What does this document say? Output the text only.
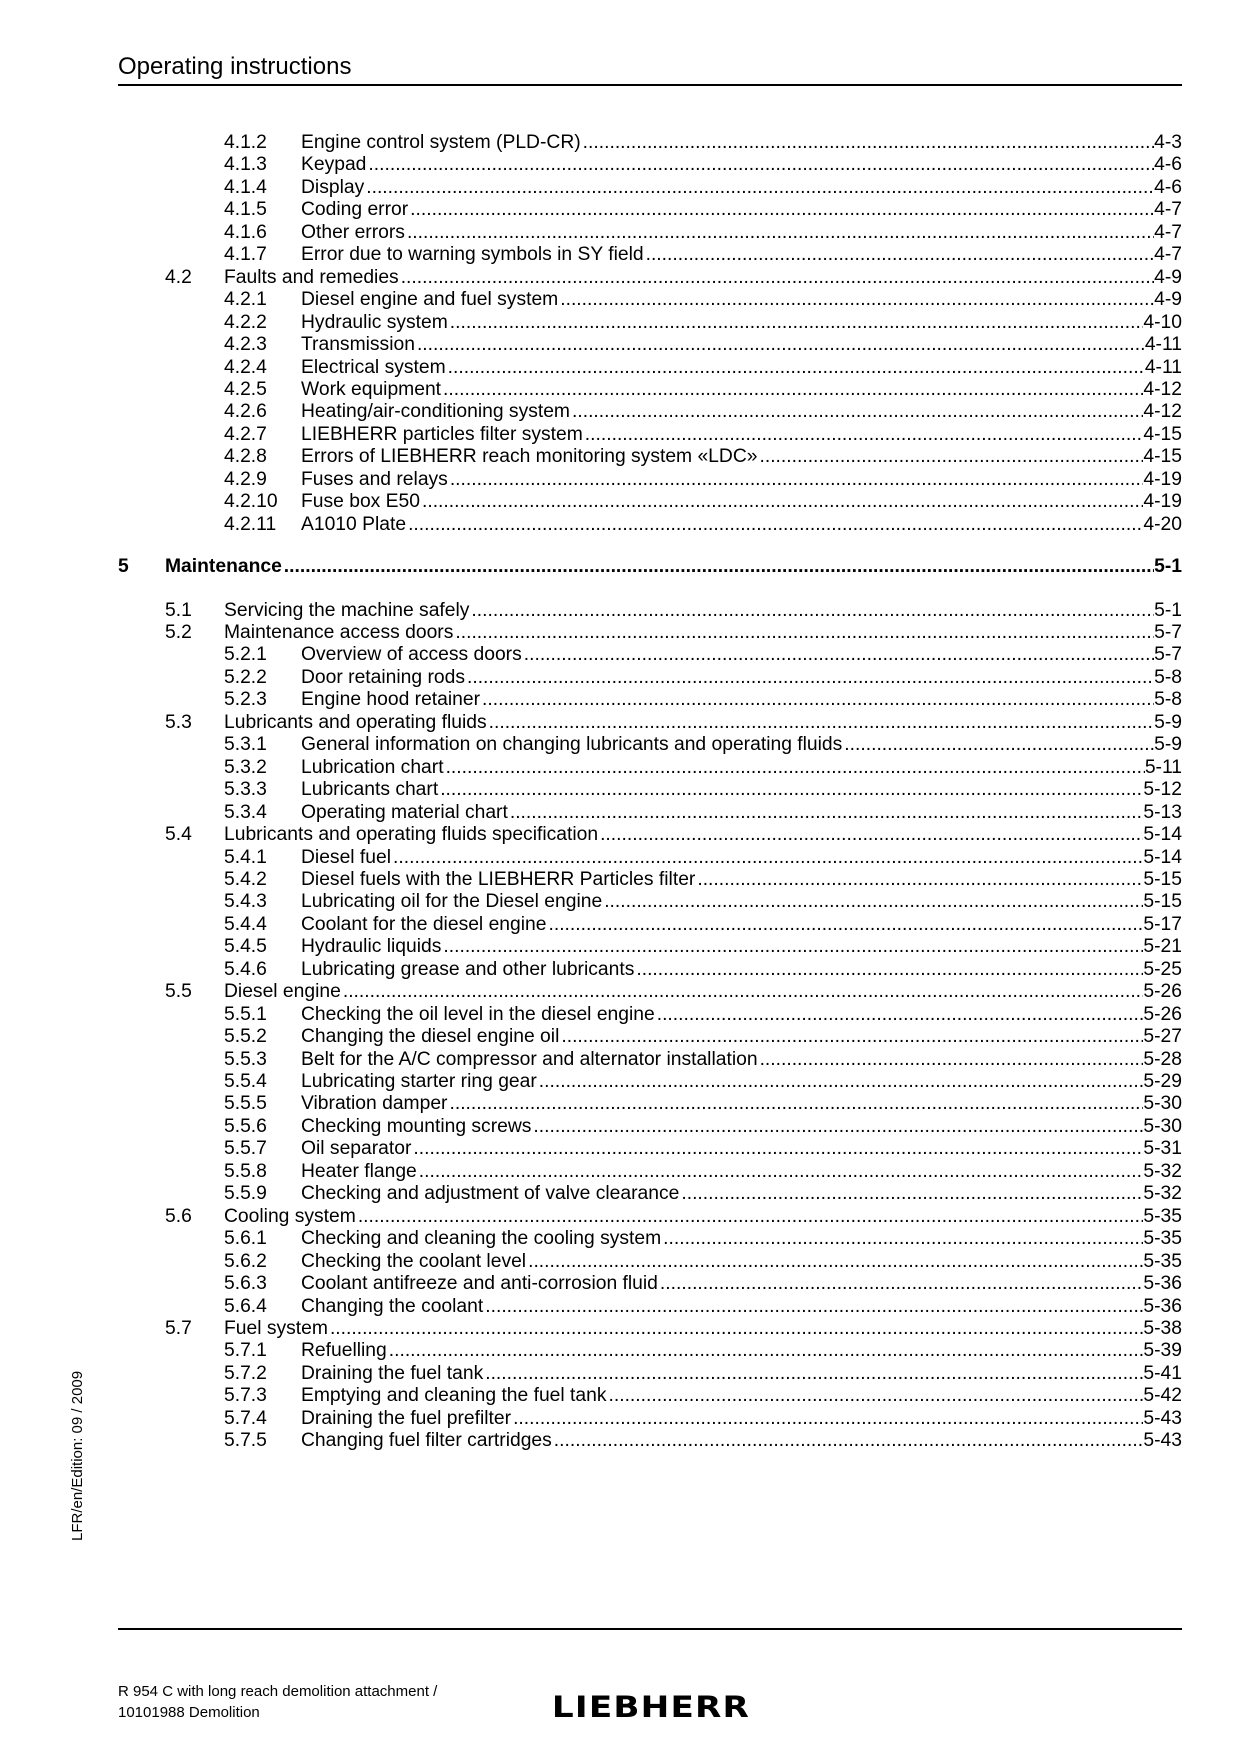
Operating instructions
4.1.2 Engine control system (PLD-CR) .....	4-3
4.1.3 Keypad .....	4-6
4.1.4 Display .....	4-6
4.1.5 Coding error .....	4-7
4.1.6 Other errors .....	4-7
4.1.7 Error due to warning symbols in SY field .....	4-7
4.2 Faults and remedies .....	4-9
4.2.1 Diesel engine and fuel system .....	4-9
4.2.2 Hydraulic system .....	4-10
4.2.3 Transmission .....	4-11
4.2.4 Electrical system .....	4-11
4.2.5 Work equipment .....	4-12
4.2.6 Heating/air-conditioning system .....	4-12
4.2.7 LIEBHERR particles filter system .....	4-15
4.2.8 Errors of LIEBHERR reach monitoring system «LDC» .....	4-15
4.2.9 Fuses and relays .....	4-19
4.2.10 Fuse box E50 .....	4-19
4.2.11 A1010 Plate .....	4-20
5 Maintenance .....	5-1
5.1 Servicing the machine safely .....	5-1
5.2 Maintenance access doors .....	5-7
5.2.1 Overview of access doors .....	5-7
5.2.2 Door retaining rods .....	5-8
5.2.3 Engine hood retainer .....	5-8
5.3 Lubricants and operating fluids .....	5-9
5.3.1 General information on changing lubricants and operating fluids .....	5-9
5.3.2 Lubrication chart .....	5-11
5.3.3 Lubricants chart .....	5-12
5.3.4 Operating material chart .....	5-13
5.4 Lubricants and operating fluids specification .....	5-14
5.4.1 Diesel fuel .....	5-14
5.4.2 Diesel fuels with the LIEBHERR Particles filter .....	5-15
5.4.3 Lubricating oil for the Diesel engine .....	5-15
5.4.4 Coolant for the diesel engine .....	5-17
5.4.5 Hydraulic liquids .....	5-21
5.4.6 Lubricating grease and other lubricants .....	5-25
5.5 Diesel engine .....	5-26
5.5.1 Checking the oil level in the diesel engine .....	5-26
5.5.2 Changing the diesel engine oil .....	5-27
5.5.3 Belt for the A/C compressor and alternator installation .....	5-28
5.5.4 Lubricating starter ring gear .....	5-29
5.5.5 Vibration damper .....	5-30
5.5.6 Checking mounting screws .....	5-30
5.5.7 Oil separator .....	5-31
5.5.8 Heater flange .....	5-32
5.5.9 Checking and adjustment of valve clearance .....	5-32
5.6 Cooling system .....	5-35
5.6.1 Checking and cleaning the cooling system .....	5-35
5.6.2 Checking the coolant level .....	5-35
5.6.3 Coolant antifreeze and anti-corrosion fluid .....	5-36
5.6.4 Changing the coolant .....	5-36
5.7 Fuel system .....	5-38
5.7.1 Refuelling .....	5-39
5.7.2 Draining the fuel tank .....	5-41
5.7.3 Emptying and cleaning the fuel tank .....	5-42
5.7.4 Draining the fuel prefilter .....	5-43
5.7.5 Changing fuel filter cartridges .....	5-43
LFR/en/Edition: 09 / 2009
R 954 C with long reach demolition attachment /
10101988 Demolition	LIEBHERR
